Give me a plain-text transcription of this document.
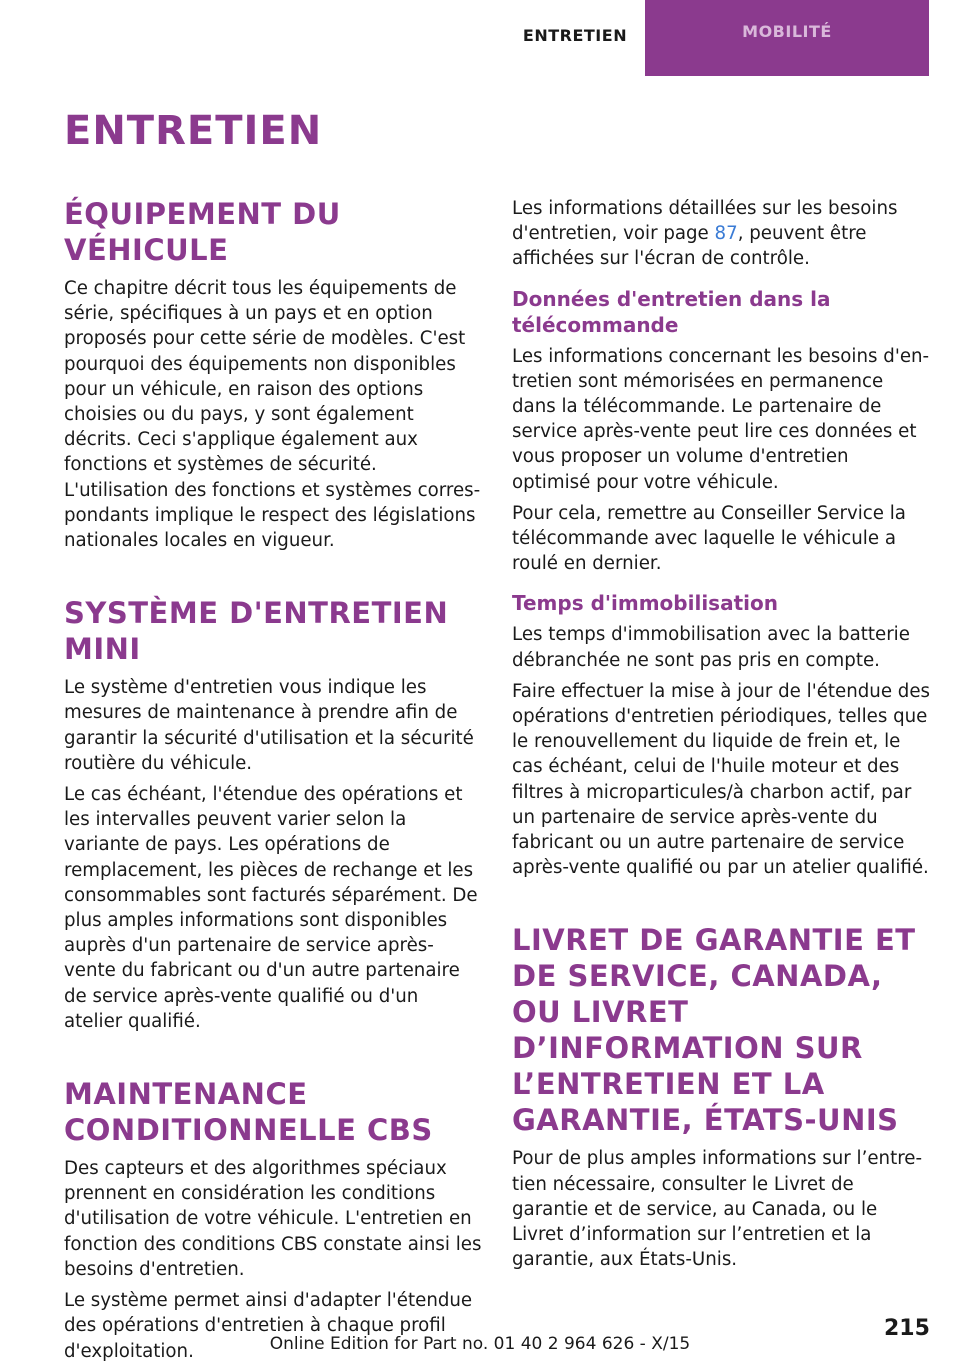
ENTRETIEN	MOBILITÉ
ENTRETIEN
ÉQUIPEMENT DU VÉHICULE

Ce chapitre décrit tous les équipements de série, spécifiques à un pays et en option proposés pour cette série de modèles. C'est pourquoi des équipements non disponibles pour un véhicule, en raison des options choisies ou du pays, y sont également décrits. Ceci s'applique également aux fonctions et systèmes de sécurité. L'utilisation des fonctions et systèmes correspondants implique le respect des législations nationales locales en vigueur.

SYSTÈME D'ENTRETIEN MINI

Le système d'entretien vous indique les mesures de maintenance à prendre afin de garantir la sécurité d'utilisation et la sécurité routière du véhicule.

Le cas échéant, l'étendue des opérations et les intervalles peuvent varier selon la variante de pays. Les opérations de remplacement, les pièces de rechange et les consommables sont facturés séparément. De plus amples informations sont disponibles auprès d'un partenaire de service après-vente du fabricant ou d'un autre partenaire de service après-vente qualifié ou d'un atelier qualifié.

MAINTENANCE CONDITIONNELLE CBS

Des capteurs et des algorithmes spéciaux prennent en considération les conditions d'utilisation de votre véhicule. L'entretien en fonction des conditions CBS constate ainsi les besoins d'entretien.

Le système permet ainsi d'adapter l'étendue des opérations d'entretien à chaque profil d'exploitation.

Les informations détaillées sur les besoins d'entretien, voir page 87, peuvent être affichées sur l'écran de contrôle.

Données d'entretien dans la télécommande

Les informations concernant les besoins d'entretien sont mémorisées en permanence dans la télécommande. Le partenaire de service après-vente peut lire ces données et vous proposer un volume d'entretien optimisé pour votre véhicule.

Pour cela, remettre au Conseiller Service la télécommande avec laquelle le véhicule a roulé en dernier.

Temps d'immobilisation

Les temps d'immobilisation avec la batterie débranchée ne sont pas pris en compte.

Faire effectuer la mise à jour de l'étendue des opérations d'entretien périodiques, telles que le renouvellement du liquide de frein et, le cas échéant, celui de l'huile moteur et des filtres à microparticules/à charbon actif, par un partenaire de service après-vente du fabricant ou un autre partenaire de service après-vente qualifié ou par un atelier qualifié.

LIVRET DE GARANTIE ET DE SERVICE, CANADA, OU LIVRET D’INFORMATION SUR L’ENTRETIEN ET LA GARANTIE, ÉTATS-UNIS

Pour de plus amples informations sur l’entretien nécessaire, consulter le Livret de garantie et de service, au Canada, ou le Livret d’information sur l’entretien et la garantie, aux États-Unis.

215
Online Edition for Part no. 01 40 2 964 626 - X/15
